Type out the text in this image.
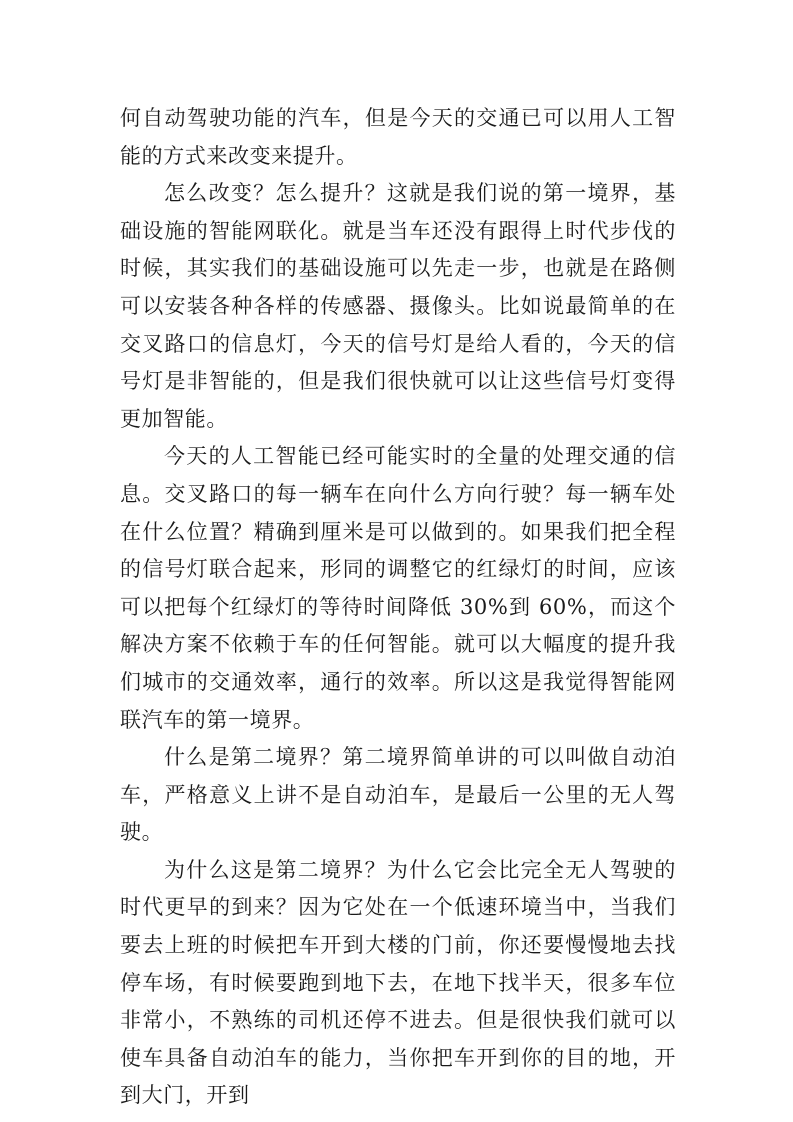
何自动驾驶功能的汽车，但是今天的交通已可以用人工智能的方式来改变来提升。

怎么改变？怎么提升？这就是我们说的第一境界，基础设施的智能网联化。就是当车还没有跟得上时代步伐的时候，其实我们的基础设施可以先走一步，也就是在路侧可以安装各种各样的传感器、摄像头。比如说最简单的在交叉路口的信息灯，今天的信号灯是给人看的，今天的信号灯是非智能的，但是我们很快就可以让这些信号灯变得更加智能。

今天的人工智能已经可能实时的全量的处理交通的信息。交叉路口的每一辆车在向什么方向行驶？每一辆车处在什么位置？精确到厘米是可以做到的。如果我们把全程的信号灯联合起来，形同的调整它的红绿灯的时间，应该可以把每个红绿灯的等待时间降低 30%到 60%，而这个解决方案不依赖于车的任何智能。就可以大幅度的提升我们城市的交通效率，通行的效率。所以这是我觉得智能网联汽车的第一境界。

什么是第二境界？第二境界简单讲的可以叫做自动泊车，严格意义上讲不是自动泊车，是最后一公里的无人驾驶。

为什么这是第二境界？为什么它会比完全无人驾驶的时代更早的到来？因为它处在一个低速环境当中，当我们要去上班的时候把车开到大楼的门前，你还要慢慢地去找停车场，有时候要跑到地下去，在地下找半天，很多车位非常小，不熟练的司机还停不进去。但是很快我们就可以使车具备自动泊车的能力，当你把车开到你的目的地，开到大门，开到
